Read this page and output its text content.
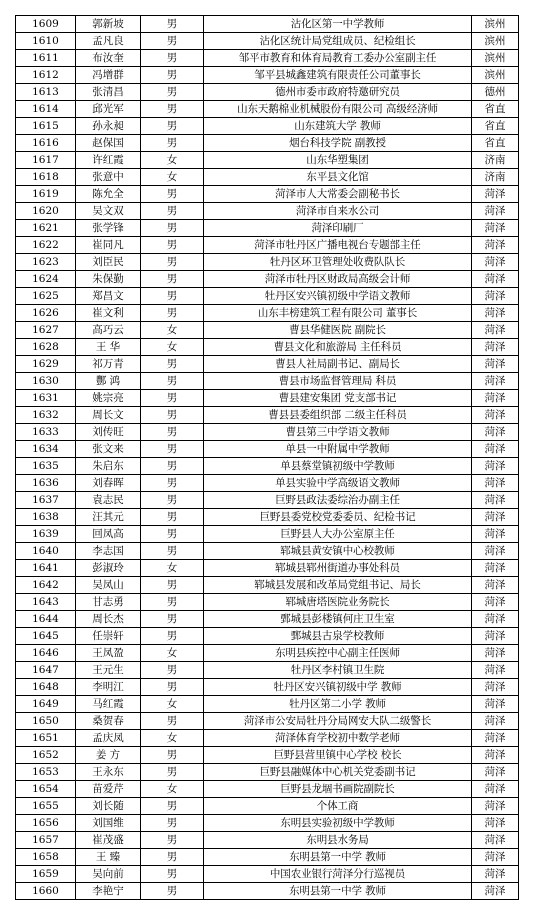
1609	郭新坡	男	沾化区第一中学教师	滨州
1610	孟凡良	男	沾化区统计局党组成员、纪检组长	滨州
1611	布汝奎	男	邹平市教育和体育局教育工委办公室副主任	滨州
1612	冯增群	男	邹平县城鑫建筑有限责任公司董事长	滨州
1613	张清昌	男	德州市委市政府特邀研究员	德州
1614	邱光军	男	山东天鹅棉业机械股份有限公司 高级经济师	省直
1615	孙永昶	男	山东建筑大学 教师	省直
1616	赵保国	男	烟台科技学院 副教授	省直
1617	许红霞	女	山东华塑集团	济南
1618	张意中	女	东平县文化馆	济南
1619	陈允全	男	菏泽市人大常委会副秘书长	菏泽
1620	吴文双	男	菏泽市自来水公司	菏泽
1621	张学锋	男	菏泽印刷厂	菏泽
1622	崔同凡	男	菏泽市牡丹区广播电视台专题部主任	菏泽
1623	刘臣民	男	牡丹区环卫管理处收费队队长	菏泽
1624	朱保勤	男	菏泽市牡丹区财政局高级会计师	菏泽
1625	郑昌文	男	牡丹区安兴镇初级中学语文教师	菏泽
1626	崔文利	男	山东丰榜建筑工程有限公司 董事长	菏泽
1627	高巧云	女	曹县华健医院 副院长	菏泽
1628	王 华	女	曹县文化和旅游局 主任科员	菏泽
1629	祁万青	男	曹县人社局副书记、副局长	菏泽
1630	酆 鸿	男	曹县市场监督管理局 科员	菏泽
1631	姚宗亮	男	曹县建安集团 党支部书记	菏泽
1632	周长文	男	曹县县委组织部 二级主任科员	菏泽
1633	刘传旺	男	曹县第三中学语文教师	菏泽
1634	张文来	男	单县一中附属中学教师	菏泽
1635	朱启东	男	单县蔡堂镇初级中学教师	菏泽
1636	刘春晖	男	单县实验中学高级语文教师	菏泽
1637	袁志民	男	巨野县政法委综治办副主任	菏泽
1638	汪其元	男	巨野县委党校党委委员、纪检书记	菏泽
1639	回凤高	男	巨野县人大办公室原主任	菏泽
1640	李志国	男	郓城县黄安镇中心校教师	菏泽
1641	彭淑玲	女	郓城县郓州街道办事处科员	菏泽
1642	吴凤山	男	郓城县发展和改革局党组书记、局长	菏泽
1643	甘志勇	男	郓城唐塔医院业务院长	菏泽
1644	周长杰	男	鄄城县彭楼镇何庄卫生室	菏泽
1645	任崇轩	男	鄄城县古泉学校教师	菏泽
1646	王凤盈	女	东明县疾控中心副主任医师	菏泽
1647	王元生	男	牡丹区李村镇卫生院	菏泽
1648	李明江	男	牡丹区安兴镇初级中学 教师	菏泽
1649	马红霞	女	牡丹区第二小学 教师	菏泽
1650	桑贺春	男	菏泽市公安局牡丹分局网安大队二级警长	菏泽
1651	孟庆凤	女	菏泽体育学校初中数学老师	菏泽
1652	姜 方	男	巨野县营里镇中心学校 校长	菏泽
1653	王永东	男	巨野县融媒体中心机关党委副书记	菏泽
1654	苗爱芹	女	巨野县龙堌书画院副院长	菏泽
1655	刘长随	男	个体工商	菏泽
1656	刘国维	男	东明县实验初级中学教师	菏泽
1657	崔茂盛	男	东明县水务局	菏泽
1658	王 臻	男	东明县第一中学 教师	菏泽
1659	吴向前	男	中国农业银行菏泽分行巡视员	菏泽
1660	李艳宁	男	东明县第一中学 教师	菏泽
